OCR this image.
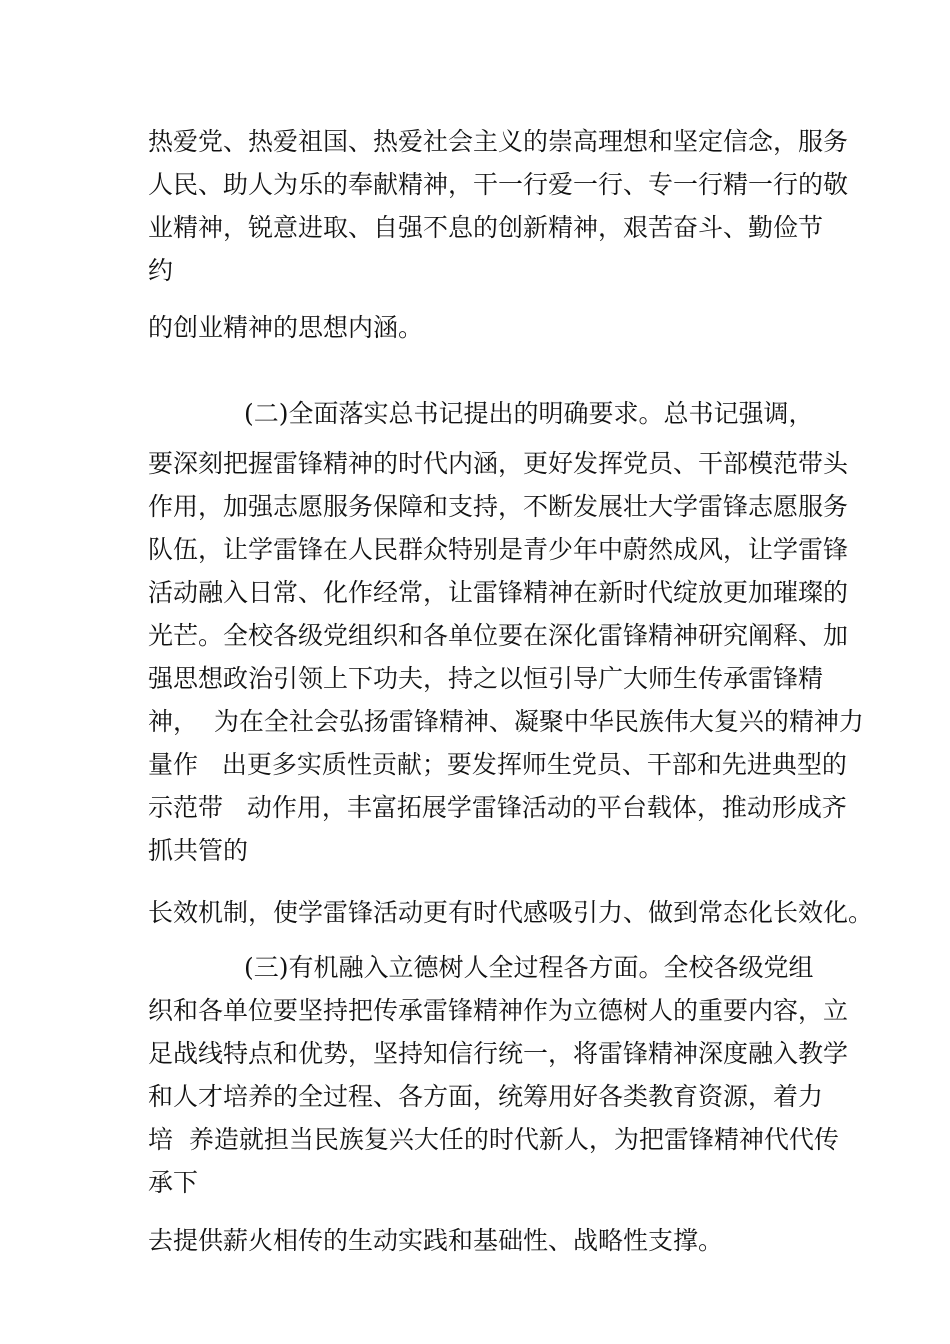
热爱党、热爱祖国、热爱社会主义的崇高理想和坚定信念，服务
人民、助人为乐的奉献精神，干一行爱一行、专一行精一行的敬
业精神，锐意进取、自强不息的创新精神，艰苦奋斗、勤俭节
约
的创业精神的思想内涵。
(二)全面落实总书记提出的明确要求。总书记强调，
要深刻把握雷锋精神的时代内涵，更好发挥党员、干部模范带头
作用，加强志愿服务保障和支持，不断发展壮大学雷锋志愿服务
队伍，让学雷锋在人民群众特别是青少年中蔚然成风，让学雷锋
活动融入日常、化作经常，让雷锋精神在新时代绽放更加璀璨的
光芒。全校各级党组织和各单位要在深化雷锋精神研究阐释、加
强思想政治引领上下功夫，持之以恒引导广大师生传承雷锋精
神，  为在全社会弘扬雷锋精神、凝聚中华民族伟大复兴的精神力
量作   出更多实质性贡献；要发挥师生党员、干部和先进典型的
示范带   动作用，丰富拓展学雷锋活动的平台载体，推动形成齐
抓共管的
长效机制，使学雷锋活动更有时代感吸引力、做到常态化长效化。
(三)有机融入立德树人全过程各方面。全校各级党组
织和各单位要坚持把传承雷锋精神作为立德树人的重要内容，立
足战线特点和优势，坚持知信行统一，将雷锋精神深度融入教学
和人才培养的全过程、各方面，统筹用好各类教育资源，着力
培  养造就担当民族复兴大任的时代新人，为把雷锋精神代代传
承下
去提供薪火相传的生动实践和基础性、战略性支撑。
